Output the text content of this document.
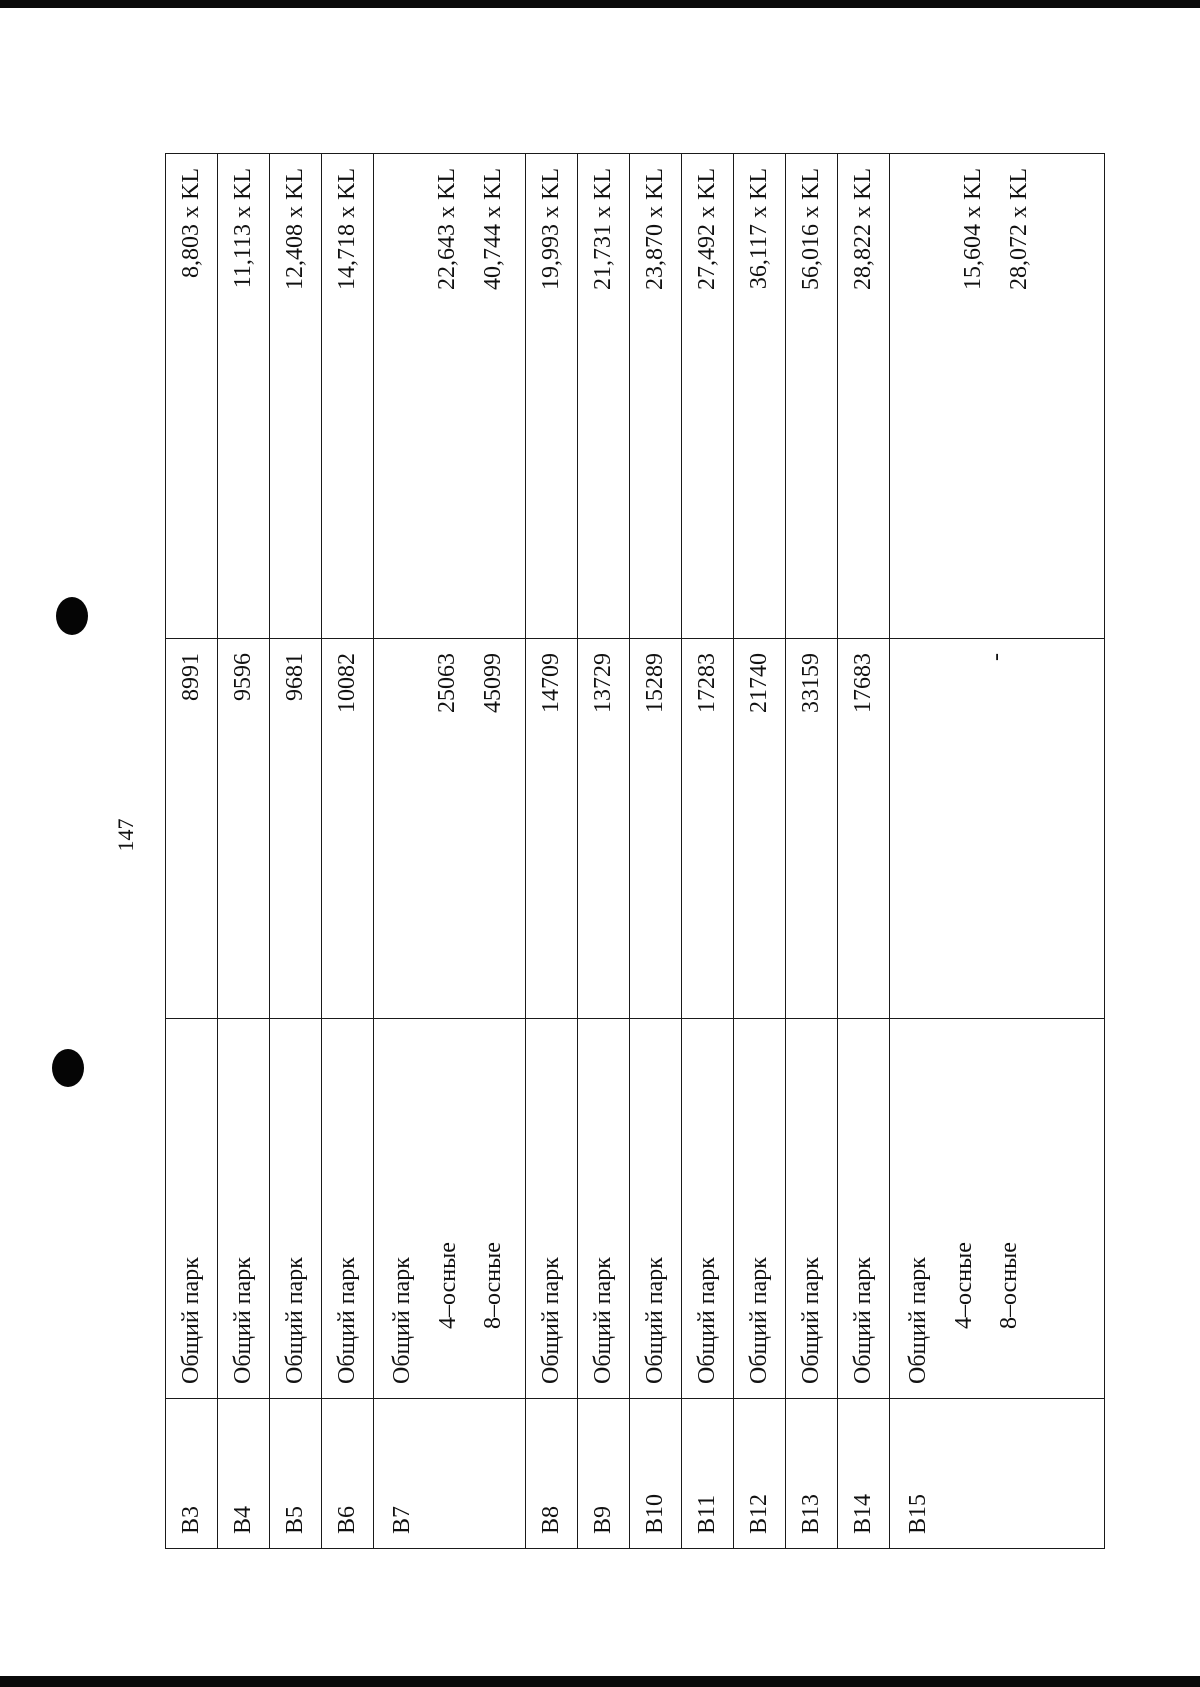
147
B3	Общий парк	8991	8,803 x KL
B4	Общий парк	9596	11,113 x KL
B5	Общий парк	9681	12,408 x KL
B6	Общий парк	10082	14,718 x KL
B7	Общий парк 4–осные 8–осные	25063 45099	22,643 x KL 40,744 x KL

B8	Общий парк	14709	19,993 x KL
B9	Общий парк	13729	21,731 x KL
B10	Общий парк	15289	23,870 x KL
B11	Общий парк	17283	27,492 x KL
B12	Общий парк	21740	36,117 x KL
B13	Общий парк	33159	56,016 x KL
B14	Общий парк	17683	28,822 x KL
B15	Общий парк 4–осные 8–осные	-	15,604 x KL 28,072 x KL
